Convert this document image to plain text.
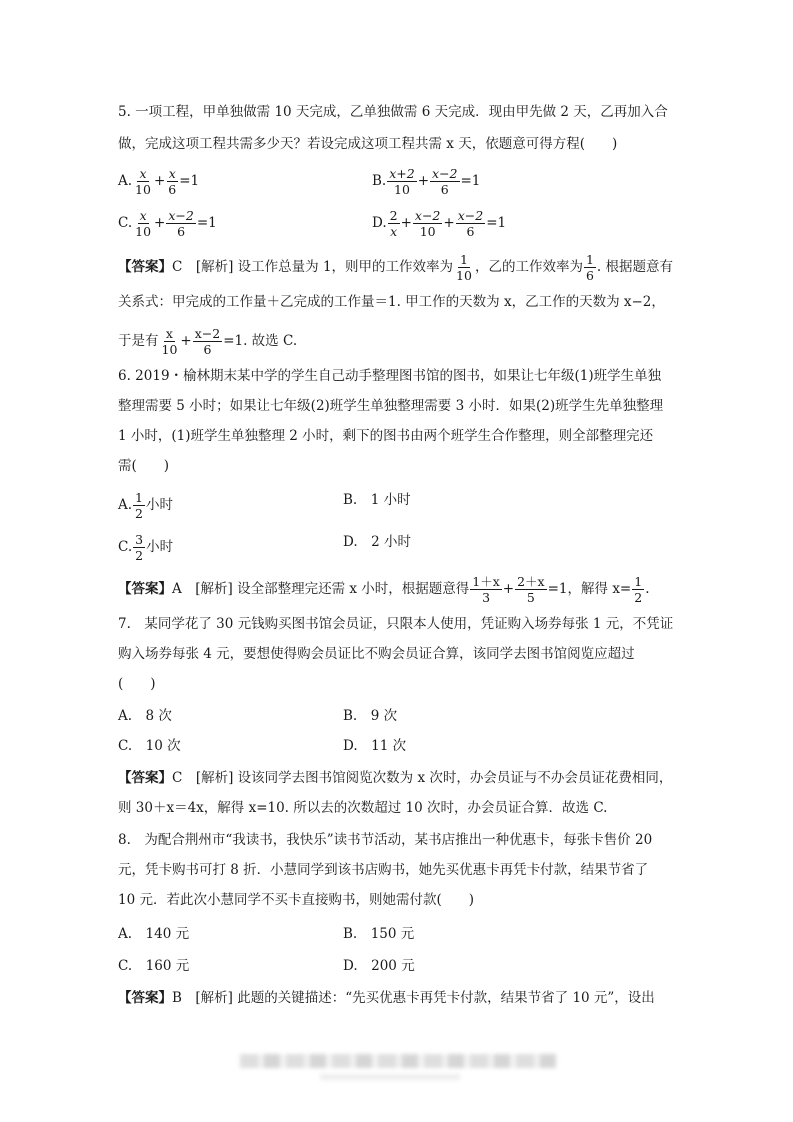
5. 一项工程，甲单独做需 10 天完成，乙单独做需 6 天完成．现由甲先做 2 天，乙再加入合
做，完成这项工程共需多少天？若设完成这项工程共需 x 天，依题意可得方程(　　)
A. $\frac{x}{10} + \frac{x}{6} =1$	B. $\frac{x+2}{10} + \frac{x-2}{6} =1$
C. $\frac{x}{10} + \frac{x-2}{6} =1$	D. $\frac{2}{x} + \frac{x-2}{10} + \frac{x-2}{6} =1$
【答案】C　[解析] 设工作总量为 1，则甲的工作效率为 $\frac{1}{10}$ ，乙的工作效率为 $\frac{1}{6}$ . 根据题意有
关系式：甲完成的工作量＋乙完成的工作量＝1. 甲工作的天数为 x，乙工作的天数为 x−2，
于是有 $\frac{x}{10} + \frac{x-2}{6} =1$. 故选 C.
6. 2019・榆林期末某中学的学生自己动手整理图书馆的图书，如果让七年级(1)班学生单独
整理需要 5 小时；如果让七年级(2)班学生单独整理需要 3 小时．如果(2)班学生先单独整理
1 小时，(1)班学生单独整理 2 小时，剩下的图书由两个班学生合作整理，则全部整理完还
需(　　)
A. $\frac{1}{2}$ 小时	B.　1 小时
C. $\frac{3}{2}$ 小时	D.　2 小时
【答案】A　[解析] 设全部整理完还需 x 小时，根据题意得 $\frac{1+x}{3} + \frac{2+x}{5} =1$，解得 $x= \frac{1}{2}$ .
7.　某同学花了 30 元钱购买图书馆会员证，只限本人使用，凭证购入场券每张 1 元，不凭证
购入场券每张 4 元，要想使得购会员证比不购会员证合算，该同学去图书馆阅览应超过
(　　)
A.　8 次	B.　9 次
C.　10 次	D.　11 次
【答案】C　[解析] 设该同学去图书馆阅览次数为 x 次时，办会员证与不办会员证花费相同，
则 30＋x＝4x，解得 x=10. 所以去的次数超过 10 次时，办会员证合算．故选 C.
8.　为配合荆州市“我读书，我快乐”读书节活动，某书店推出一种优惠卡，每张卡售价 20
元，凭卡购书可打 8 折．小慧同学到该书店购书，她先买优惠卡再凭卡付款，结果节省了
10 元．若此次小慧同学不买卡直接购书，则她需付款(　　)
A.　140 元	B.　150 元
C.　160 元	D.　200 元
【答案】B　[解析] 此题的关键描述：“先买优惠卡再凭卡付款，结果节省了 10 元”，设出
